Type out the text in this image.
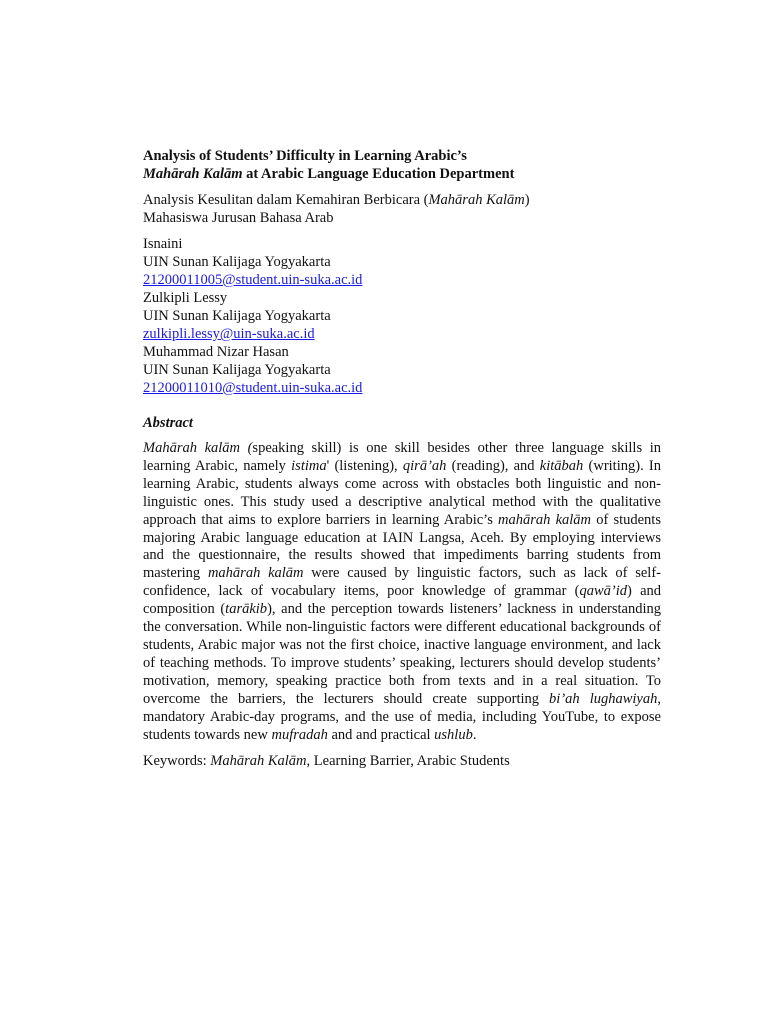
Analysis of Students’ Difficulty in Learning Arabic’s
Mahārah Kalām at Arabic Language Education Department

Analysis Kesulitan dalam Kemahiran Berbicara (Mahārah Kalām)
Mahasiswa Jurusan Bahasa Arab

Isnaini
UIN Sunan Kalijaga Yogyakarta
21200011005@student.uin-suka.ac.id
Zulkipli Lessy
UIN Sunan Kalijaga Yogyakarta
zulkipli.lessy@uin-suka.ac.id
Muhammad Nizar Hasan
UIN Sunan Kalijaga Yogyakarta
21200011010@student.uin-suka.ac.id
Abstract

Mahārah kalām (speaking skill) is one skill besides other three language skills in learning Arabic, namely istima' (listening), qirā’ah (reading), and kitābah (writing). In learning Arabic, students always come across with obstacles both linguistic and non-linguistic ones. This study used a descriptive analytical method with the qualitative approach that aims to explore barriers in learning Arabic’s mahārah kalām of students majoring Arabic language education at IAIN Langsa, Aceh. By employing interviews and the questionnaire, the results showed that impediments barring students from mastering mahārah kalām were caused by linguistic factors, such as lack of self-confidence, lack of vocabulary items, poor knowledge of grammar (qawā’id) and composition (tarākib), and the perception towards listeners’ lackness in understanding the conversation. While non-linguistic factors were different educational backgrounds of students, Arabic major was not the first choice, inactive language environment, and lack of teaching methods. To improve students’ speaking, lecturers should develop students’ motivation, memory, speaking practice both from texts and in a real situation. To overcome the barriers, the lecturers should create supporting bi’ah lughawiyah, mandatory Arabic-day programs, and the use of media, including YouTube, to expose students towards new mufradah and and practical ushlub.

Keywords: Mahārah Kalām, Learning Barrier, Arabic Students
